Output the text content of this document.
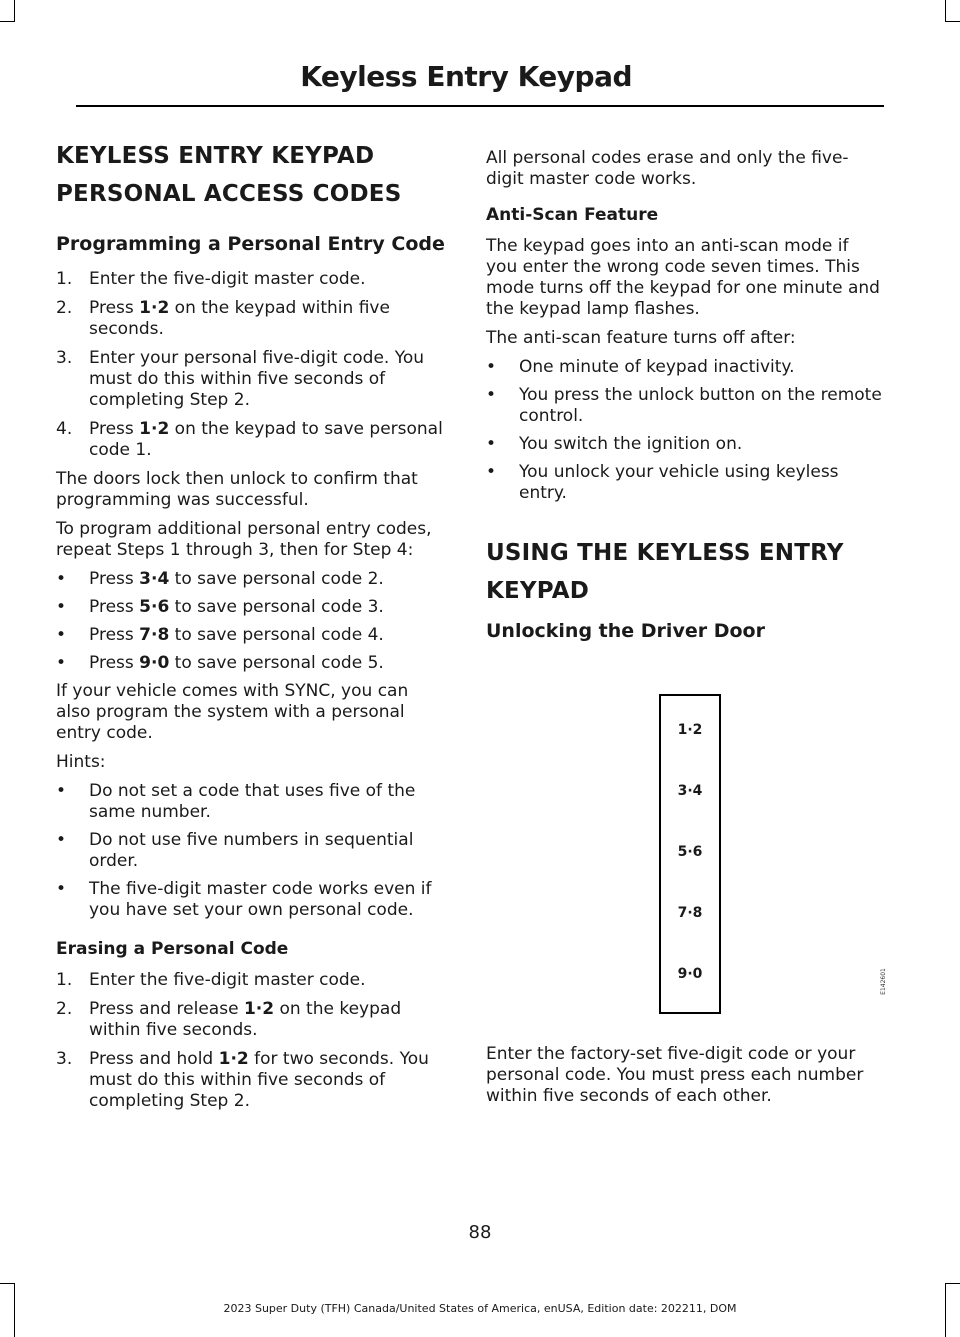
Keyless Entry Keypad
KEYLESS ENTRY KEYPAD
PERSONAL ACCESS CODES
Programming a Personal Entry Code
1. Enter the five-digit master code.
2. Press 1·2 on the keypad within five seconds.
3. Enter your personal five-digit code. You must do this within five seconds of completing Step 2.
4. Press 1·2 on the keypad to save personal code 1.

The doors lock then unlock to confirm that programming was successful.

To program additional personal entry codes, repeat Steps 1 through 3, then for Step 4:

• Press 3·4 to save personal code 2.
• Press 5·6 to save personal code 3.
• Press 7·8 to save personal code 4.
• Press 9·0 to save personal code 5.

If your vehicle comes with SYNC, you can also program the system with a personal entry code.

Hints:

• Do not set a code that uses five of the same number.
• Do not use five numbers in sequential order.
• The five-digit master code works even if you have set your own personal code.
Erasing a Personal Code
1. Enter the five-digit master code.
2. Press and release 1·2 on the keypad within five seconds.
3. Press and hold 1·2 for two seconds. You must do this within five seconds of completing Step 2.

All personal codes erase and only the five-digit master code works.

Anti-Scan Feature

The keypad goes into an anti-scan mode if you enter the wrong code seven times. This mode turns off the keypad for one minute and the keypad lamp flashes.

The anti-scan feature turns off after:

• One minute of keypad inactivity.
• You press the unlock button on the remote control.
• You switch the ignition on.
• You unlock your vehicle using keyless entry.
USING THE KEYLESS ENTRY
KEYPAD
Unlocking the Driver Door
1·2
3·4
5·6
7·8
9·0	E142601

Enter the factory-set five-digit code or your personal code. You must press each number within five seconds of each other.

88
2023 Super Duty (TFH) Canada/United States of America, enUSA, Edition date: 202211, DOM
